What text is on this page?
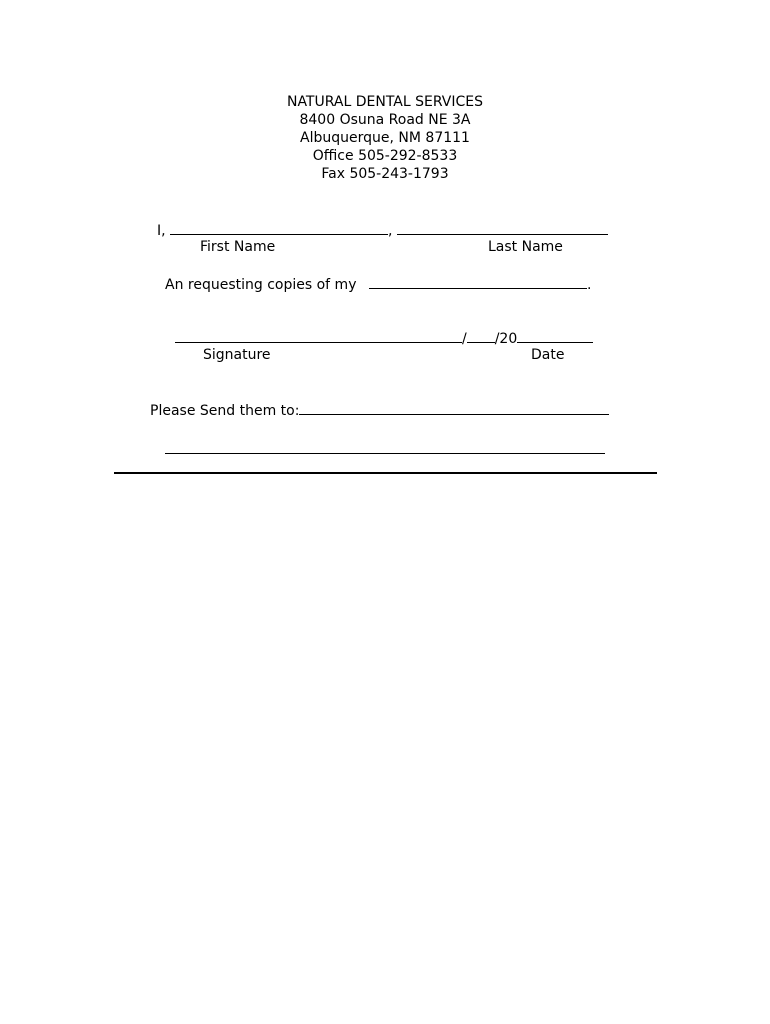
NATURAL DENTAL SERVICES
8400 Osuna Road NE 3A
Albuquerque, NM 87111
Office 505-292-8533
Fax 505-243-1793
I,	,
First Name	Last Name
An requesting copies of my	.
/ /20
Signature	Date
Please Send them to:
